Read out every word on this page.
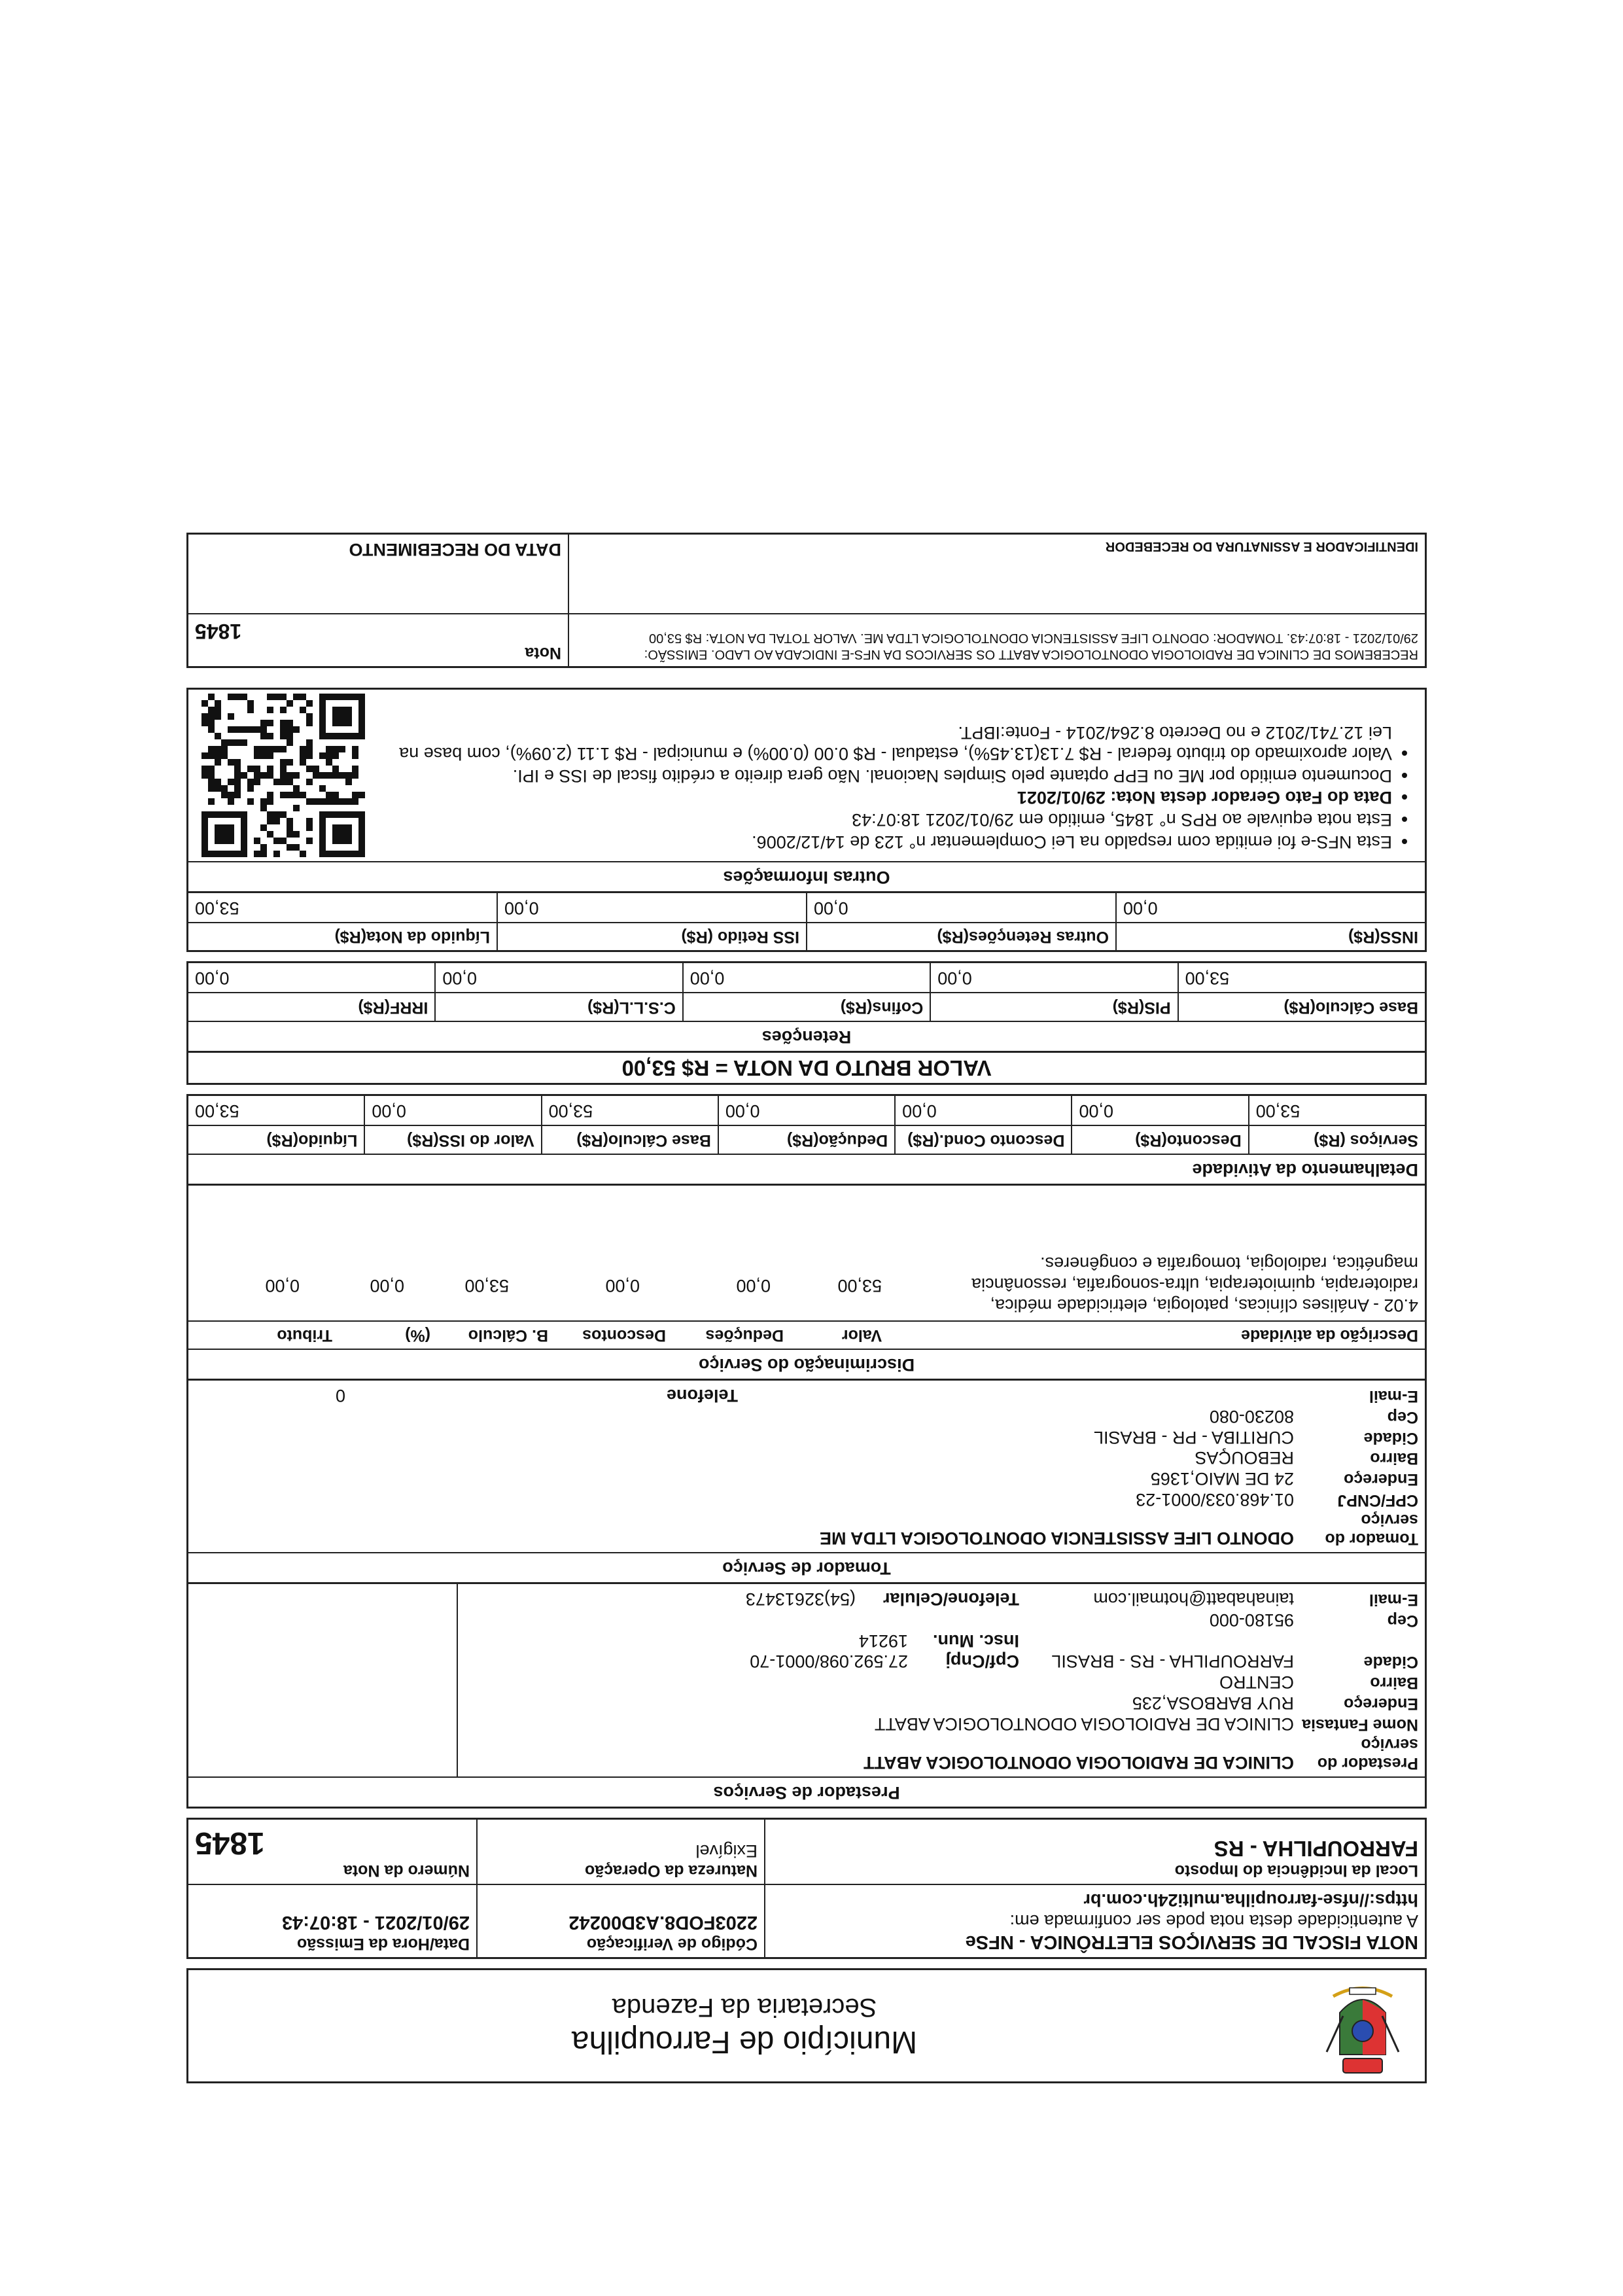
Município de Farroupilha
Secretaria da Fazenda
NOTA FISCAL DE SERVIÇOS ELETRÔNICA - NFSe
A autenticidade desta nota pode ser confirmada em:
https://nfse-farroupilha.multi24h.com.br
Código de Verificação
2203FOD8.A3D00242
Data/Hora da Emissão
29/01/2021 - 18:07:43
Local da Incidência do Imposto
FARROUPILHA - RS
Natureza da Operação
Exigível
Número da Nota
1845
Prestador de Serviços
Prestador do serviço
CLINICA DE RADIOLOGIA ODONTOLOGICA ABATT
Nome Fantasia
CLINICA DE RADIOLOGIA ODONTOLOGICA ABATT
Endereço
RUY BARBOSA,235
Bairro
CENTRO
Cidade
FARROUPILHA - RS - BRASIL
Cpf/Cnpj
27.592.098/0001-70
Insc. Mun.
19214
Cep
95180-000
E-mail
tainahabatt@hotmail.com
Telefone/Celular
(54)32613473
Tomador de Serviço
Tomador do serviço
ODONTO LIFE ASSISTENCIA ODONTOLOGICA LTDA ME
CPF/CNPJ
01.468.033/0001-23
Endereço
24 DE MAIO,1365
Bairro
REBOUÇAS
Cidade
CURITIBA - PR - BRASIL
Cep
80230-080
E-mail
Telefone
0
Discriminação do Serviço
Descrição da atividade
Valor
Deduções
Descontos
B. Cálculo
(%)
Tributo
4.02 - Análises clínicas, patologia, eletricidade médica,
radioterapia, quimioterapia, ultra-sonografia, ressonância
magnética, radiologia, tomografia e congêneres.
53,00
0,00
0,00
53,00
0,00
0,00
Detalhamento da Atividade
Serviços (R$)
Desconto(R$)
Desconto Cond.(R$)
Dedução(R$)
Base Cálculo(R$)
Valor do ISS(R$)
Líquido(R$)
53,00
0,00
0,00
0,00
53,00
0,00
53,00
VALOR BRUTO DA NOTA = R$ 53,00
Retenções
Base Cálculo(R$)
PIS(R$)
Cofins(R$)
C.S.L.L(R$)
IRRF(R$)
53,00
0,00
0,00
0,00
0,00
INSS(R$)
Outras Retenções(R$)
ISS Retido (R$)
Líquido da Nota(R$)
0,00
0,00
0,00
53,00
Outras Informações
• Esta NFS-e foi emitida com respaldo na Lei Complementar n° 123 de 14/12/2006.
• Esta nota equivale ao RPS n° 1845, emitido em 29/01/2021 18:07:43
• Data do Fato Gerador desta Nota: 29/01/2021
• Documento emitido por ME ou EPP optante pelo Simples Nacional. Não gera direito a crédito fiscal de ISS e IPI.
• Valor aproximado do tributo federal - R$ 7.13(13.45%), estadual - R$ 0.00 (0.00%) e municipal - R$ 1.11 (2.09%), com base na Lei 12.741/2012 e no Decreto 8.264/2014 - Fonte:IBPT.
RECEBEMOS DE CLINICA DE RADIOLOGIA ODONTOLOGICA ABATT OS SERVICOS DA NFS-E INDICADA AO LADO. EMISSÃO: 29/01/2021 - 18:07:43. TOMADOR: ODONTO LIFE ASSISTENCIA ODONTOLOGICA LTDA ME. VALOR TOTAL DA NOTA: R$ 53,00
Nota
1845
IDENTIFICADOR E ASSINATURA DO RECEBEDOR
DATA DO RECEBIMENTO
